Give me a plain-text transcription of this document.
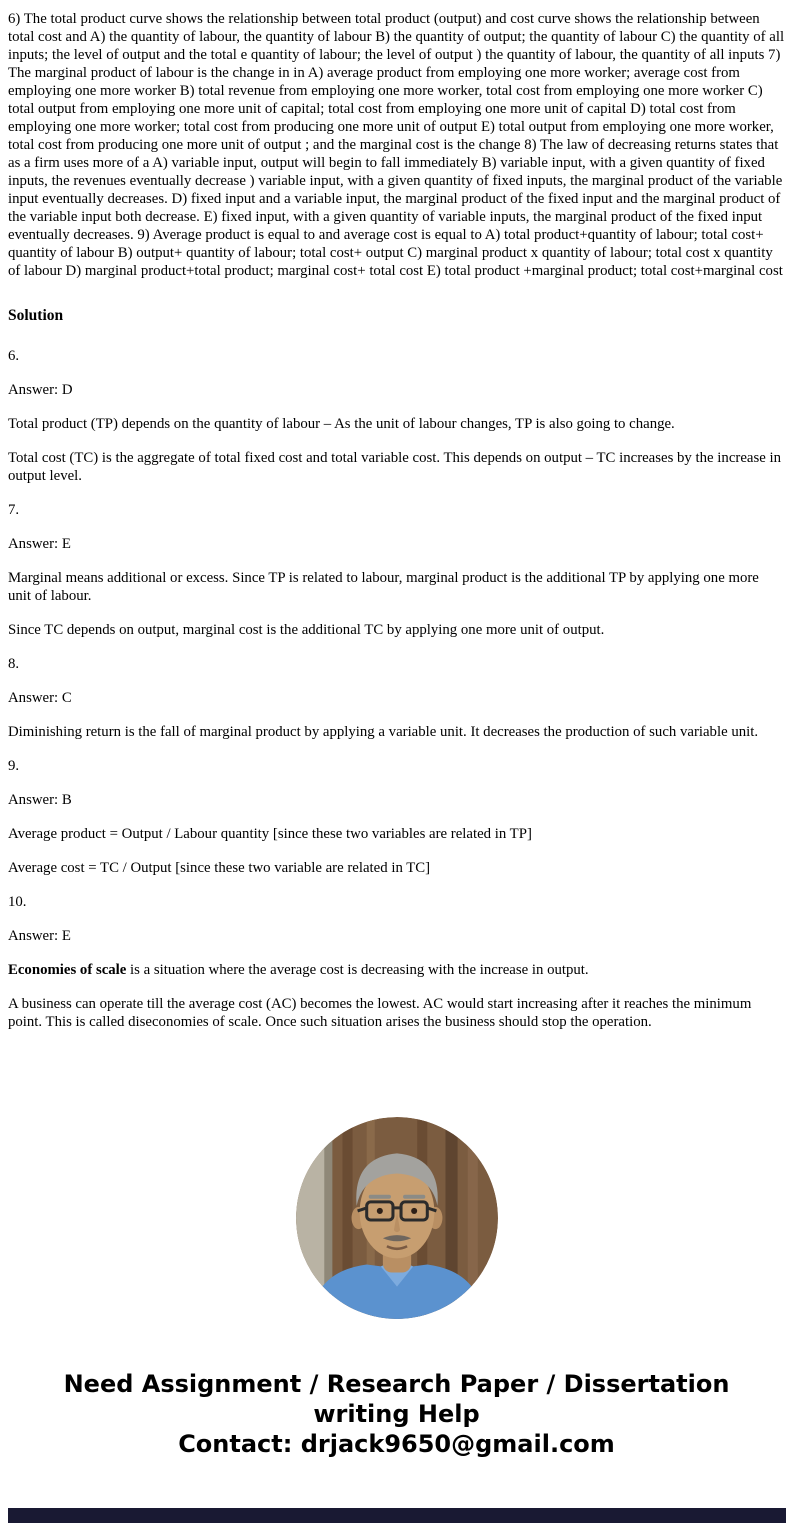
6) The total product curve shows the relationship between total product (output) and cost curve shows the relationship between total cost and A) the quantity of labour, the quantity of labour B) the quantity of output; the quantity of labour C) the quantity of all inputs; the level of output and the total e quantity of labour; the level of output ) the quantity of labour, the quantity of all inputs 7) The marginal product of labour is the change in in A) average product from employing one more worker; average cost from employing one more worker B) total revenue from employing one more worker, total cost from employing one more worker C) total output from employing one more unit of capital; total cost from employing one more unit of capital D) total cost from employing one more worker; total cost from producing one more unit of output E) total output from employing one more worker, total cost from producing one more unit of output ; and the marginal cost is the change 8) The law of decreasing returns states that as a firm uses more of a A) variable input, output will begin to fall immediately B) variable input, with a given quantity of fixed inputs, the revenues eventually decrease ) variable input, with a given quantity of fixed inputs, the marginal product of the variable input eventually decreases. D) fixed input and a variable input, the marginal product of the fixed input and the marginal product of the variable input both decrease. E) fixed input, with a given quantity of variable inputs, the marginal product of the fixed input eventually decreases. 9) Average product is equal to and average cost is equal to A) total product+quantity of labour; total cost+ quantity of labour B) output+ quantity of labour; total cost+ output C) marginal product x quantity of labour; total cost x quantity of labour D) marginal product+total product; marginal cost+ total cost E) total product +marginal product; total cost+marginal cost

Solution

6.

Answer: D

Total product (TP) depends on the quantity of labour – As the unit of labour changes, TP is also going to change.

Total cost (TC) is the aggregate of total fixed cost and total variable cost. This depends on output – TC increases by the increase in output level.

7.

Answer: E

Marginal means additional or excess. Since TP is related to labour, marginal product is the additional TP by applying one more unit of labour.

Since TC depends on output, marginal cost is the additional TC by applying one more unit of output.

8.

Answer: C

Diminishing return is the fall of marginal product by applying a variable unit. It decreases the production of such variable unit.

9.

Answer: B

Average product = Output / Labour quantity [since these two variables are related in TP]

Average cost = TC / Output [since these two variable are related in TC]

10.

Answer: E

Economies of scale is a situation where the average cost is decreasing with the increase in output.

A business can operate till the average cost (AC) becomes the lowest. AC would start increasing after it reaches the minimum point. This is called diseconomies of scale. Once such situation arises the business should stop the operation.

Need Assignment / Research Paper / Dissertation writing Help
Contact: drjack9650@gmail.com
